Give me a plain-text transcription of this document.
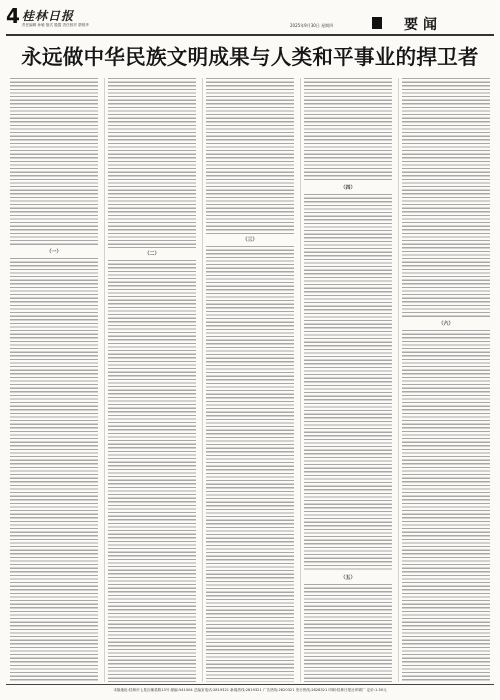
4 桂林日报
责任编辑 孙敏 版式 殷霞 责任校对 蒙明华	2025年9月30日 星期四	要闻
永远做中华民族文明成果与人类和平事业的捍卫者
（一）	（二）
（三）
（四）
（五）
（六）
本版地址:桂林市七星区辅星路13号 邮编:541004 总编室电话:2819321 新闻热线:2819321 广告热线:2820321 发行热线:2828321 印刷:桂林日报社印刷厂 定价:1.50元
